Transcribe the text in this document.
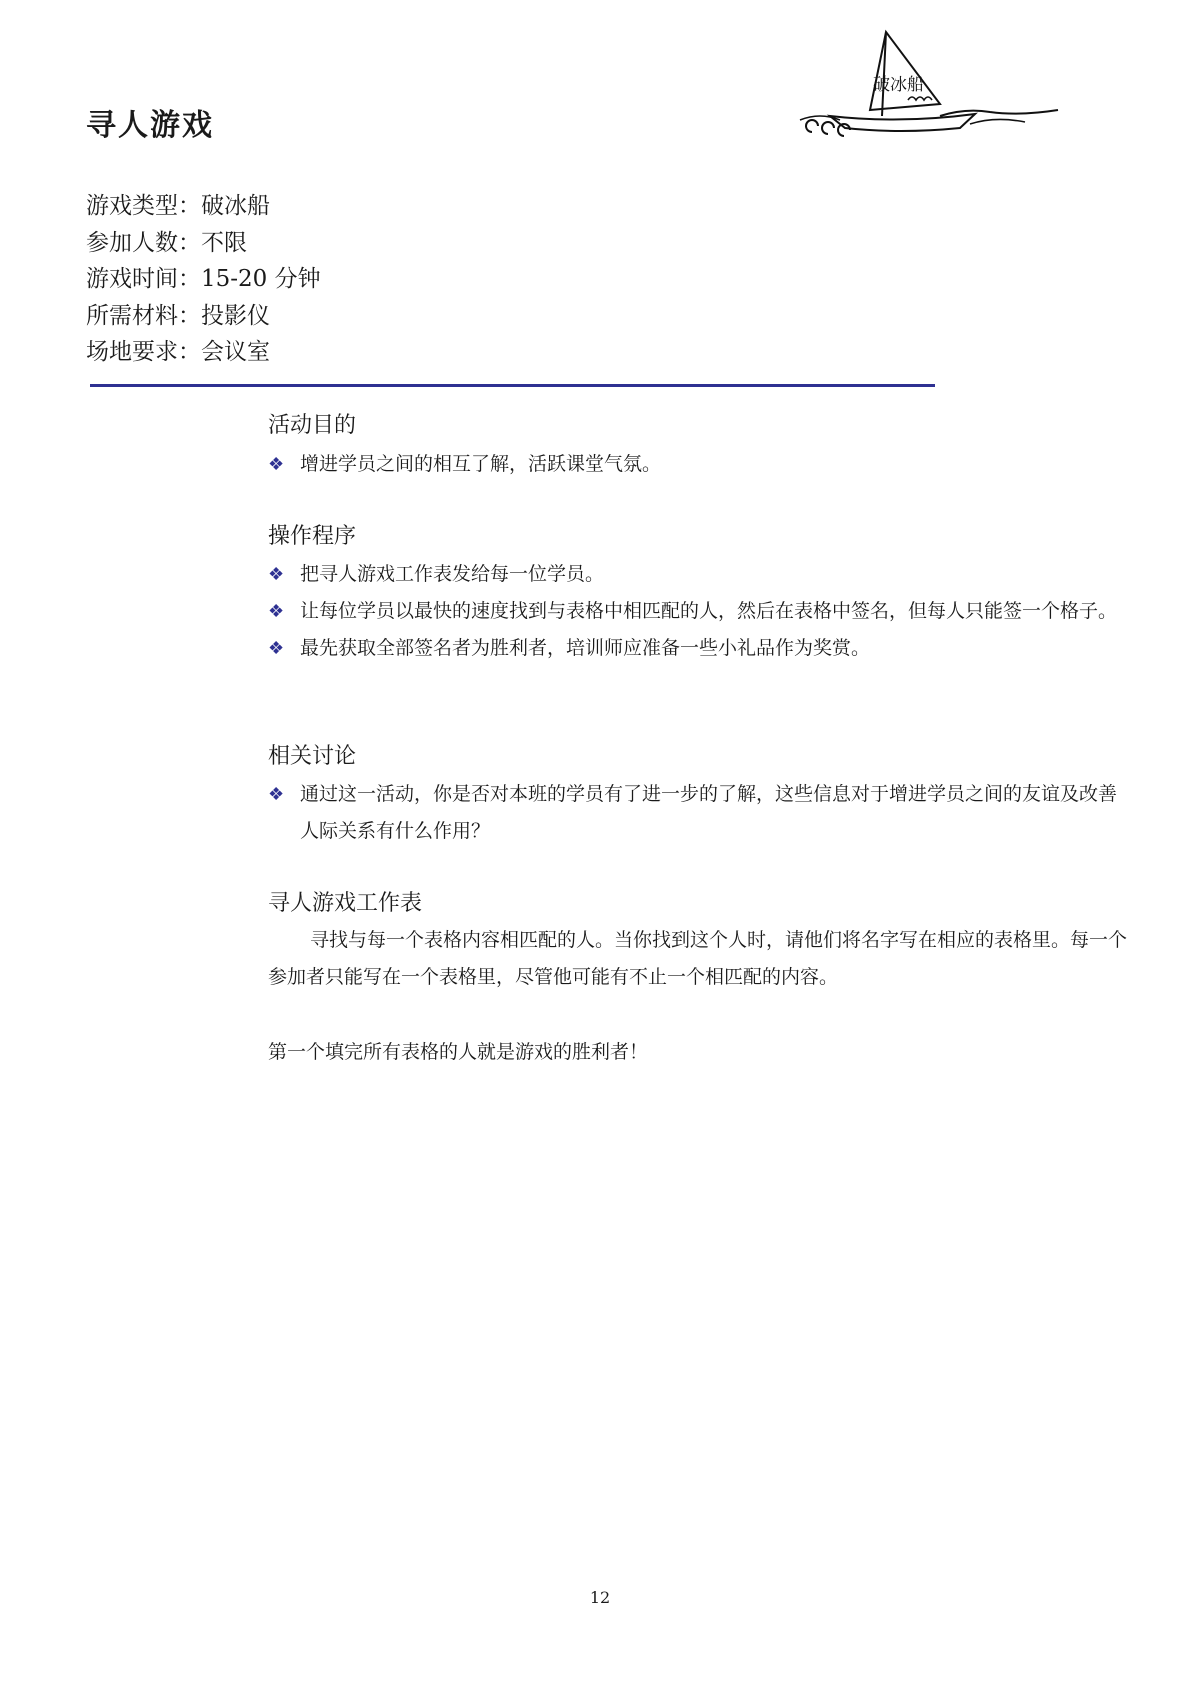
寻人游戏
破冰船
游戏类型：破冰船
参加人数：不限
游戏时间：15-20 分钟
所需材料：投影仪
场地要求：会议室
活动目的
❖ 增进学员之间的相互了解，活跃课堂气氛。
操作程序
❖ 把寻人游戏工作表发给每一位学员。
❖ 让每位学员以最快的速度找到与表格中相匹配的人，然后在表格中签名，但每人只能签一个格子。
❖ 最先获取全部签名者为胜利者，培训师应准备一些小礼品作为奖赏。
相关讨论
❖ 通过这一活动，你是否对本班的学员有了进一步的了解，这些信息对于增进学员之间的友谊及改善人际关系有什么作用？
寻人游戏工作表

寻找与每一个表格内容相匹配的人。当你找到这个人时，请他们将名字写在相应的表格里。每一个参加者只能写在一个表格里，尽管他可能有不止一个相匹配的内容。

第一个填完所有表格的人就是游戏的胜利者！

12
